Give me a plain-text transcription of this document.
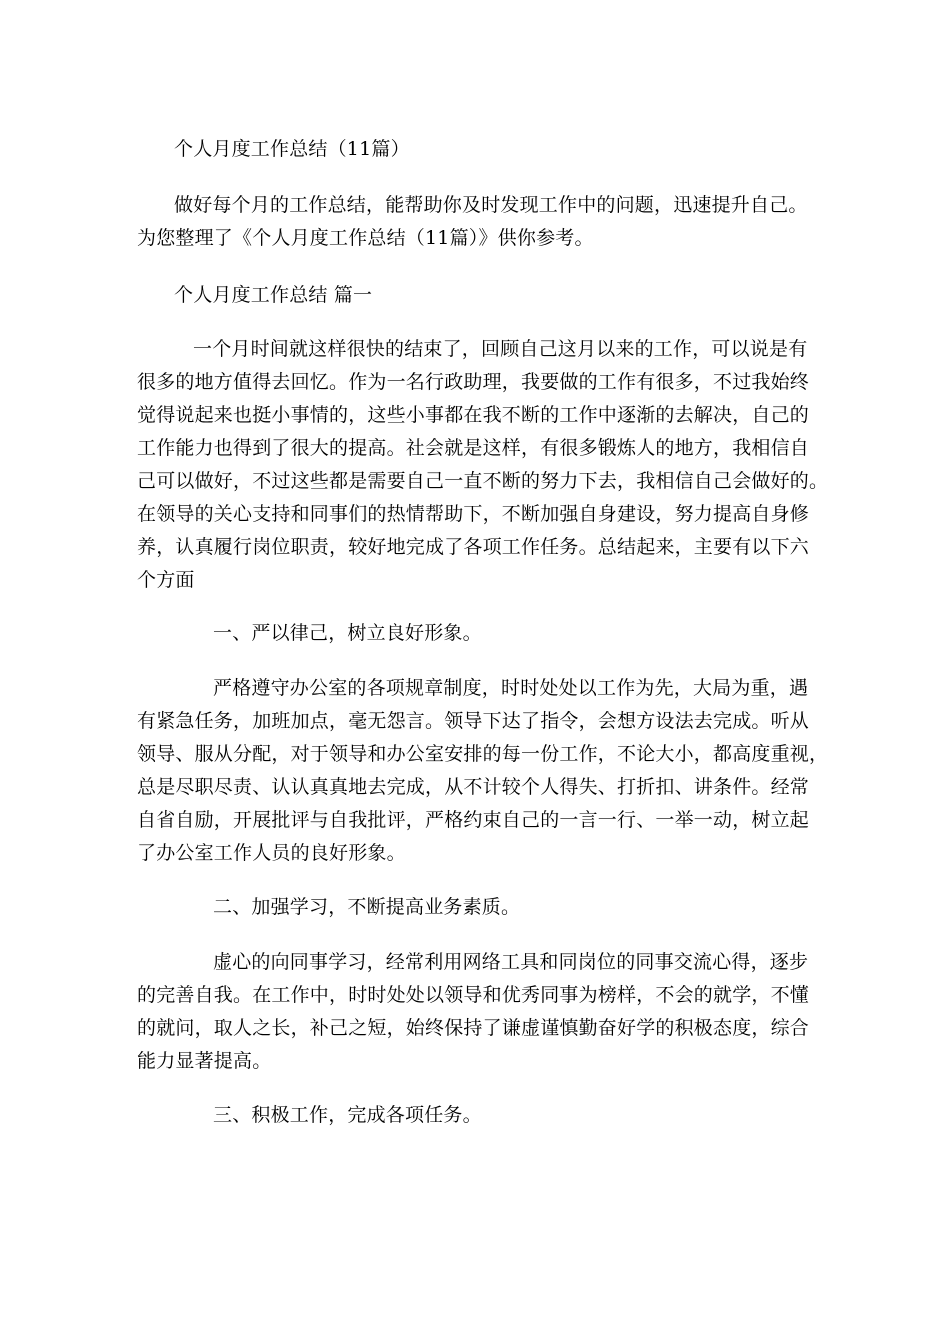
个人月度工作总结（11篇）
做好每个月的工作总结，能帮助你及时发现工作中的问题，迅速提升自己。
为您整理了《个人月度工作总结（11篇）》供你参考。
个人月度工作总结 篇一
一个月时间就这样很快的结束了，回顾自己这月以来的工作，可以说是有
很多的地方值得去回忆。作为一名行政助理，我要做的工作有很多，不过我始终
觉得说起来也挺小事情的，这些小事都在我不断的工作中逐渐的去解决，自己的
工作能力也得到了很大的提高。社会就是这样，有很多锻炼人的地方，我相信自
己可以做好，不过这些都是需要自己一直不断的努力下去，我相信自己会做好的。
在领导的关心支持和同事们的热情帮助下，不断加强自身建设，努力提高自身修
养，认真履行岗位职责，较好地完成了各项工作任务。总结起来，主要有以下六
个方面
一、严以律己，树立良好形象。
严格遵守办公室的各项规章制度，时时处处以工作为先，大局为重，遇
有紧急任务，加班加点，毫无怨言。领导下达了指令，会想方设法去完成。听从
领导、服从分配，对于领导和办公室安排的每一份工作，不论大小，都高度重视，
总是尽职尽责、认认真真地去完成，从不计较个人得失、打折扣、讲条件。经常
自省自励，开展批评与自我批评，严格约束自己的一言一行、一举一动，树立起
了办公室工作人员的良好形象。
二、加强学习，不断提高业务素质。
虚心的向同事学习，经常利用网络工具和同岗位的同事交流心得，逐步
的完善自我。在工作中，时时处处以领导和优秀同事为榜样，不会的就学，不懂
的就问，取人之长，补己之短，始终保持了谦虚谨慎勤奋好学的积极态度，综合
能力显著提高。
三、积极工作，完成各项任务。
